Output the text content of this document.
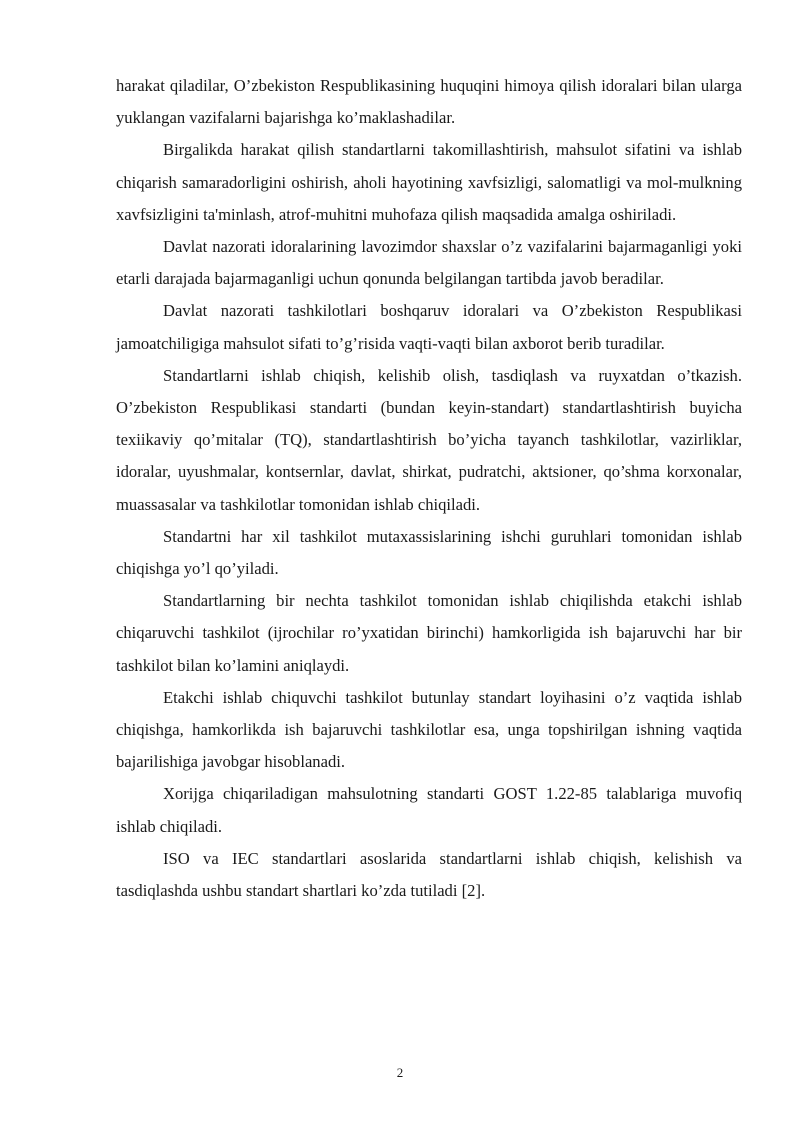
harakat qiladilar, O’zbekiston Respublikasining huquqini himoya qilish idoralari bilan ularga yuklangan vazifalarni bajarishga ko’maklashadilar.

Birgalikda harakat qilish standartlarni takomillashtirish, mahsulot sifatini va ishlab chiqarish samaradorligini oshirish, aholi hayotining xavfsizligi, salomatligi va mol-mulkning xavfsizligini ta'minlash, atrof-muhitni muhofaza qilish maqsadida amalga oshiriladi.

Davlat nazorati idoralarining lavozimdor shaxslar o’z vazifalarini bajarmaganligi yoki etarli darajada bajarmaganligi uchun qonunda belgilangan tartibda javob beradilar.

Davlat nazorati tashkilotlari boshqaruv idoralari va O’zbekiston Respublikasi jamoatchiligiga mahsulot sifati to’g’risida vaqti-vaqti bilan axborot berib turadilar.

Standartlarni ishlab chiqish, kelishib olish, tasdiqlash va ruyxatdan o’tkazish. O’zbekiston Respublikasi standarti (bundan keyin-standart) standartlashtirish buyicha texiikaviy qo’mitalar (TQ), standartlashtirish bo’yicha tayanch tashkilotlar, vazirliklar, idoralar, uyushmalar, kontsernlar, davlat, shirkat, pudratchi, aktsioner, qo’shma korxonalar, muassasalar va tashkilotlar tomonidan ishlab chiqiladi.

Standartni har xil tashkilot mutaxassislarining ishchi guruhlari tomonidan ishlab chiqishga yo’l qo’yiladi.

Standartlarning bir nechta tashkilot tomonidan ishlab chiqilishda etakchi ishlab chiqaruvchi tashkilot (ijrochilar ro’yxatidan birinchi) hamkorligida ish bajaruvchi har bir tashkilot bilan ko’lamini aniqlaydi.

Etakchi ishlab chiquvchi tashkilot butunlay standart loyihasini o’z vaqtida ishlab chiqishga, hamkorlikda ish bajaruvchi tashkilotlar esa, unga topshirilgan ishning vaqtida bajarilishiga javobgar hisoblanadi.

Xorijga chiqariladigan mahsulotning standarti GOST 1.22-85 talablariga muvofiq ishlab chiqiladi.

ISO va IEC standartlari asoslarida standartlarni ishlab chiqish, kelishish va tasdiqlashda ushbu standart shartlari ko’zda tutiladi [2].

2
